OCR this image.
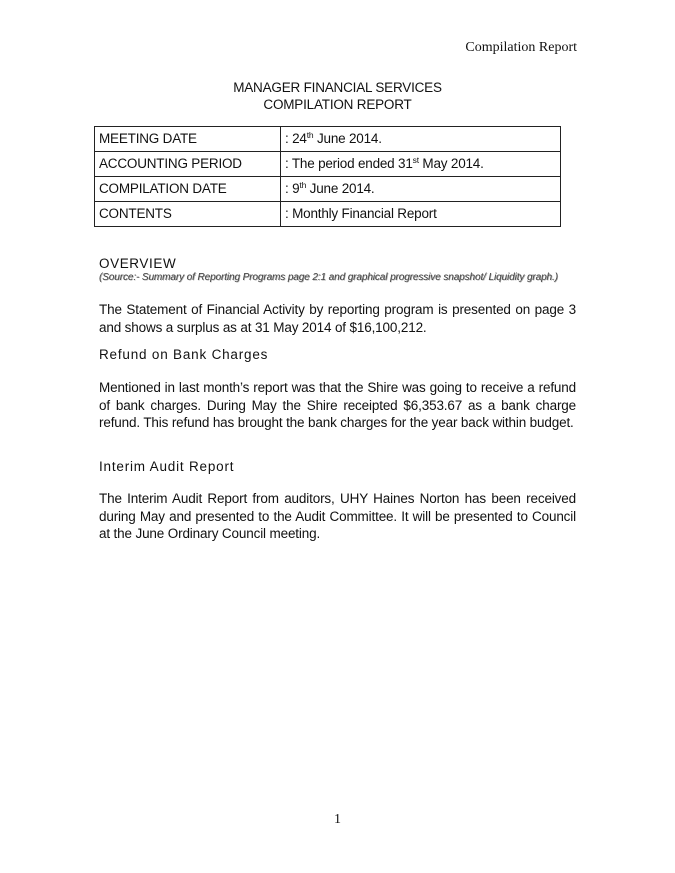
Compilation Report
MANAGER FINANCIAL SERVICES
COMPILATION REPORT
MEETING DATE	: 24th June 2014.
ACCOUNTING PERIOD	: The period ended 31st May 2014.
COMPILATION DATE	: 9th June 2014.
CONTENTS	: Monthly Financial Report
OVERVIEW
(Source:- Summary of Reporting Programs page 2:1 and graphical progressive snapshot/ Liquidity graph.)
The Statement of Financial Activity by reporting program is presented on page 3 and shows a surplus as at 31 May 2014 of $16,100,212.
Refund on Bank Charges
Mentioned in last month’s report was that the Shire was going to receive a refund of bank charges. During May the Shire receipted $6,353.67 as a bank charge refund. This refund has brought the bank charges for the year back within budget.
Interim Audit Report
The Interim Audit Report from auditors, UHY Haines Norton has been received during May and presented to the Audit Committee. It will be presented to Council at the June Ordinary Council meeting.
1
